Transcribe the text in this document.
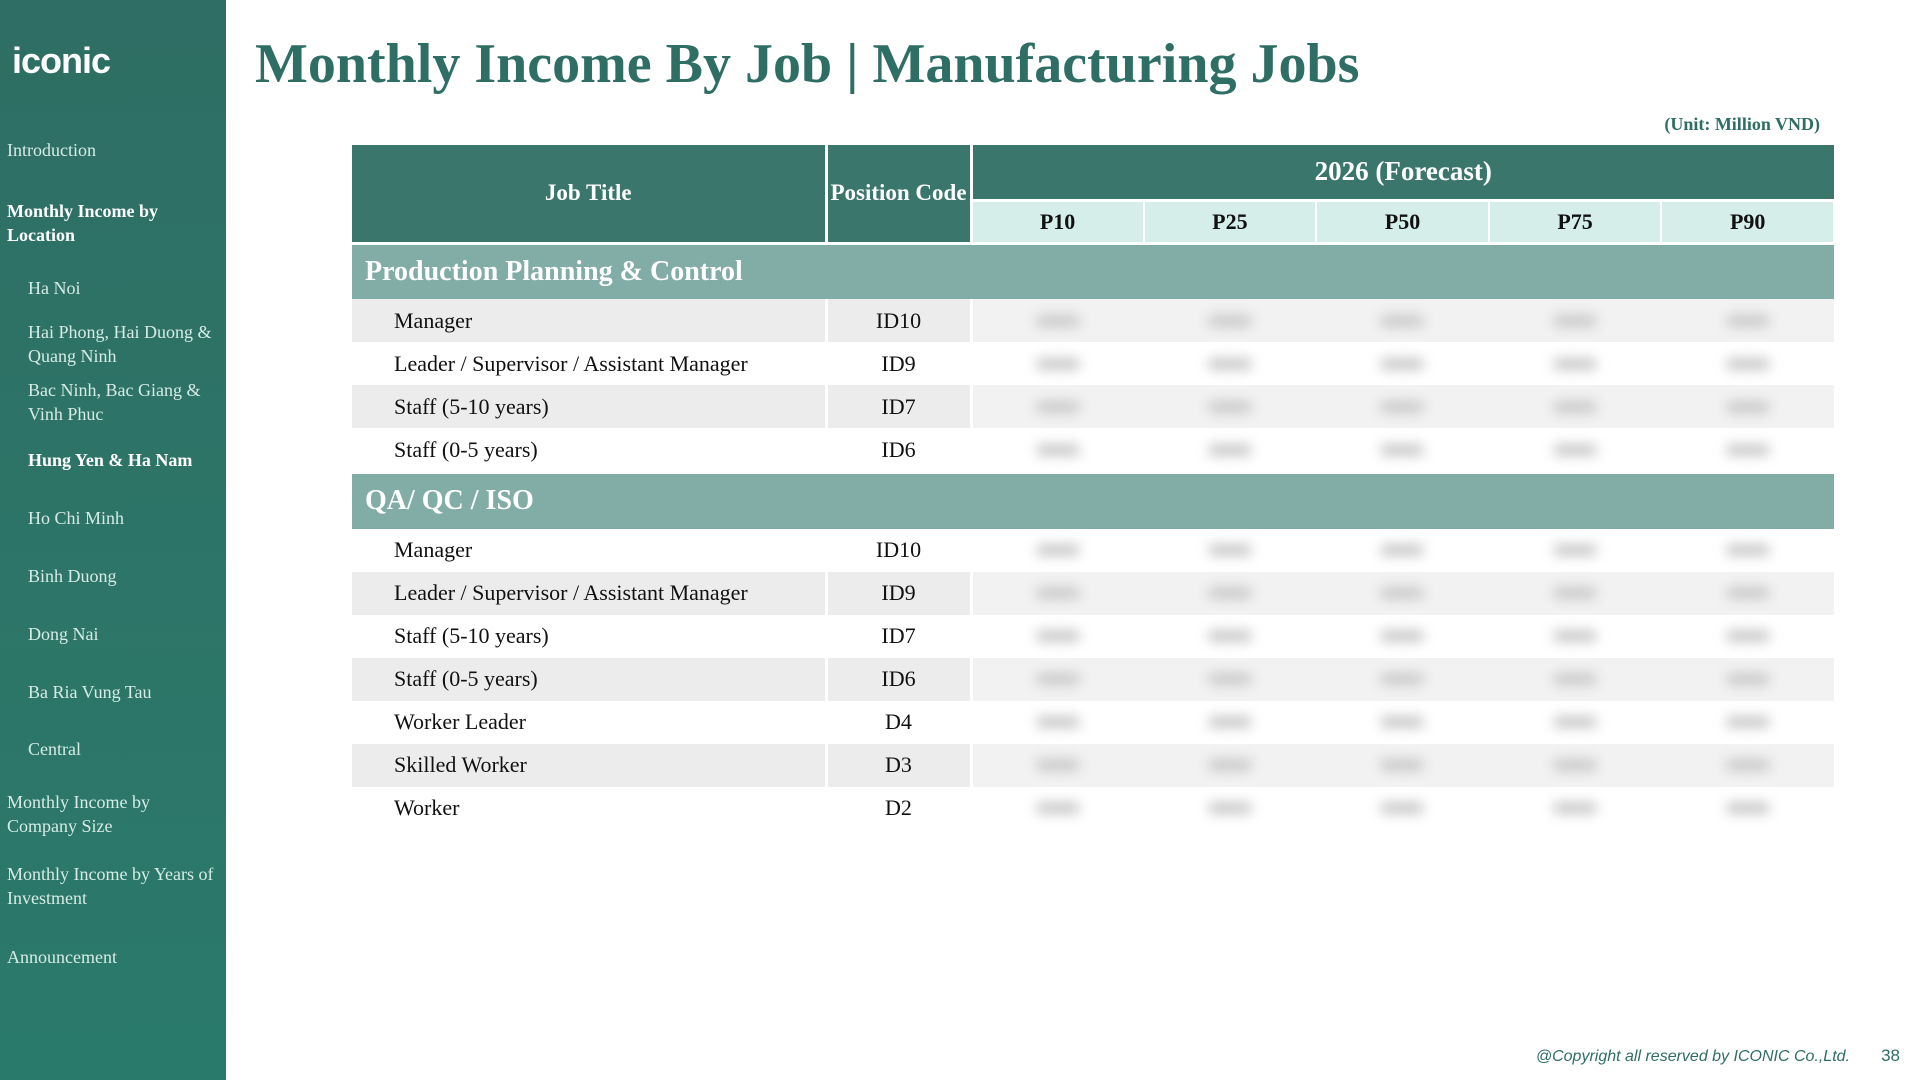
iconic
Introduction
Monthly Income by Location
Ha Noi
Hai Phong, Hai Duong & Quang Ninh
Bac Ninh, Bac Giang & Vinh Phuc
Hung Yen & Ha Nam
Ho Chi Minh
Binh Duong
Dong Nai
Ba Ria Vung Tau
Central
Monthly Income by Company Size
Monthly Income by Years of Investment
Announcement
Monthly Income By Job | Manufacturing Jobs
(Unit: Million VND)
Job Title	Position Code	2026 (Forecast)				
		P10	P25	P50	P75	P90
Production Planning & Control						
Manager	ID10	

Leader / Supervisor / Assistant Manager	ID9	

Staff (5-10 years)	ID7	

Staff (0-5 years)	ID6	

QA/ QC / ISO						
Manager	ID10	

Leader / Supervisor / Assistant Manager	ID9	

Staff (5-10 years)	ID7	

Staff (0-5 years)	ID6	

Worker Leader	D4	

Skilled Worker	D3	

Worker	D2	

@Copyright all reserved by ICONIC Co.,Ltd. 38
